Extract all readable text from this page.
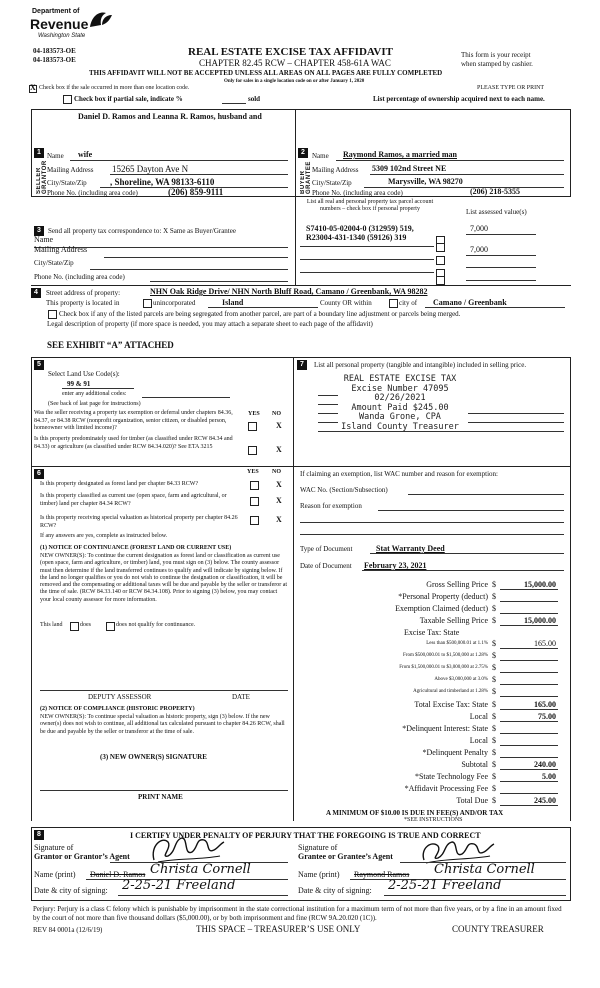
Department of
Revenue
Washington State
04-183573-OE
04-183573-OE
REAL ESTATE EXCISE TAX AFFIDAVIT
CHAPTER 82.45 RCW – CHAPTER 458-61A WAC
This form is your receipt
when stamped by cashier.
THIS AFFIDAVIT WILL NOT BE ACCEPTED UNLESS ALL AREAS ON ALL PAGES ARE FULLY COMPLETED
Only for sales in a single location code on or after January 1, 2020
X Check box if the sale occurred in more than one location code.	PLEASE TYPE OR PRINT
Check box if partial sale, indicate %	sold	List percentage of ownership acquired next to each name.
1
SELLER GRANTOR
Daniel D. Ramos and Leanna R. Ramos, husband and
Name wife
Mailing Address 15265 Dayton Ave N
City/State/Zip	, Shoreline, WA 98133-6110
Phone No. (including area code)	(206) 859-9111
2
BUYER GRANTEE
Name Raymond Ramos, a married man
Mailing Address 5309 102nd Street NE
City/State/Zip	Marysville, WA 98270
Phone No. (including area code)	(206) 218-5355
3	Send all property tax correspondence to: X Same as Buyer/Grantee
Name
Mailing Address
City/State/Zip
Phone No. (including area code)
List all real and personal property tax parcel account numbers – check box if personal property	List assessed value(s)
S7410-05-02004-0 (312959) 519,
R23004-431-1340 (59126) 319
7,000
7,000
4	Street address of property:	NHN Oak Ridge Drive/ NHN North Bluff Road, Camano / Greenbank, WA 98282
This property is located in	unincorporated	Island	County OR within	city of Camano / Greenbank
Check box if any of the listed parcels are being segregated from another parcel, are part of a boundary line adjustment or parcels being merged.
Legal description of property (if more space is needed, you may attach a separate sheet to each page of the affidavit)
SEE EXHIBIT “A” ATTACHED
5
Select Land Use Code(s):
99 & 91
enter any additional codes:
(See back of last page for instructions)
YES NO
Was the seller receiving a property tax exemption or deferral under chapters 84.36, 84.37, or 84.38 RCW (nonprofit organization, senior citizen, or disabled person, homeowner with limited income)?	X
Is this property predominately used for timber (as classified under RCW 84.34 and 84.33) or agriculture (as classified under RCW 84.34.020)? See ETA 3215	X
6	YES NO
Is this property designated as forest land per chapter 84.33 RCW?	X
Is this property classified as current use (open space, farm and agricultural, or timber) land per chapter 84.34 RCW?	X
Is this property receiving special valuation as historical property per chapter 84.26 RCW?
X
If any answers are yes, complete as instructed below.
(1) NOTICE OF CONTINUANCE (FOREST LAND OR CURRENT USE)
NEW OWNER(S): To continue the current designation as forest land or classification as current use (open space, farm and agriculture, or timber) land, you must sign on (3) below. The county assessor must then determine if the land transferred continues to qualify and will indicate by signing below. If the land no longer qualifies or you do not wish to continue the designation or classification, it will be removed and the compensating or additional taxes will be due and payable by the seller or transferor at the time of sale. (RCW 84.33.140 or RCW 84.34.108). Prior to signing (3) below, you may contact your local county assessor for more information.
This land	does	does not qualify for continuance.
DEPUTY ASSESSOR	DATE
(2) NOTICE OF COMPLIANCE (HISTORIC PROPERTY)
NEW OWNER(S): To continue special valuation as historic property, sign (3) below. If the new owner(s) does not wish to continue, all additional tax calculated pursuant to chapter 84.26 RCW, shall be due and payable by the seller or transferor at the time of sale.
(3) NEW OWNER(S) SIGNATURE
PRINT NAME
7	List all personal property (tangible and intangible) included in selling price.
REAL ESTATE EXCISE TAX
Excise Number 47095
02/26/2021
Amount Paid $245.00
Wanda Grone, CPA
Island County Treasurer
If claiming an exemption, list WAC number and reason for exemption:
WAC No. (Section/Subsection)
Reason for exemption
Type of Document	Stat Warranty Deed
Date of Document February 23, 2021
Gross Selling Price $	15,000.00
*Personal Property (deduct) $
Exemption Claimed (deduct) $
Taxable Selling Price $	15,000.00
Excise Tax: State
Less than $500,000.01 at 1.1% $	165.00
From $500,000.01 to $1,500,000 at 1.28% $
From $1,500,000.01 to $3,000,000 at 2.75% $
Above $3,000,000 at 3.0% $
Agricultural and timberland at 1.28% $
Total Excise Tax: State $	165.00
Local $	75.00
*Delinquent Interest: State $
Local $
*Delinquent Penalty $
Subtotal $	240.00
*State Technology Fee $	5.00
*Affidavit Processing Fee $
Total Due $	245.00
A MINIMUM OF $10.00 IS DUE IN FEE(S) AND/OR TAX
*SEE INSTRUCTIONS
8	I CERTIFY UNDER PENALTY OF PERJURY THAT THE FOREGOING IS TRUE AND CORRECT
Signature of
Grantor or Grantor’s Agent
Name (print) Daniel D. Ramos Christa Cornell
Date & city of signing: 2-25-21 Freeland
Signature of
Grantee or Grantee’s Agent
Name (print) Raymond Ramos Christa Cornell
Date & city of signing: 2-25-21 Freeland
Perjury: Perjury is a class C felony which is punishable by imprisonment in the state correctional institution for a maximum term of not more than five years, or by a fine in an amount fixed by the court of not more than five thousand dollars ($5,000.00), or by both imprisonment and fine (RCW 9A.20.020 (1C)).
REV 84 0001a (12/6/19)	THIS SPACE – TREASURER’S USE ONLY	COUNTY TREASURER
